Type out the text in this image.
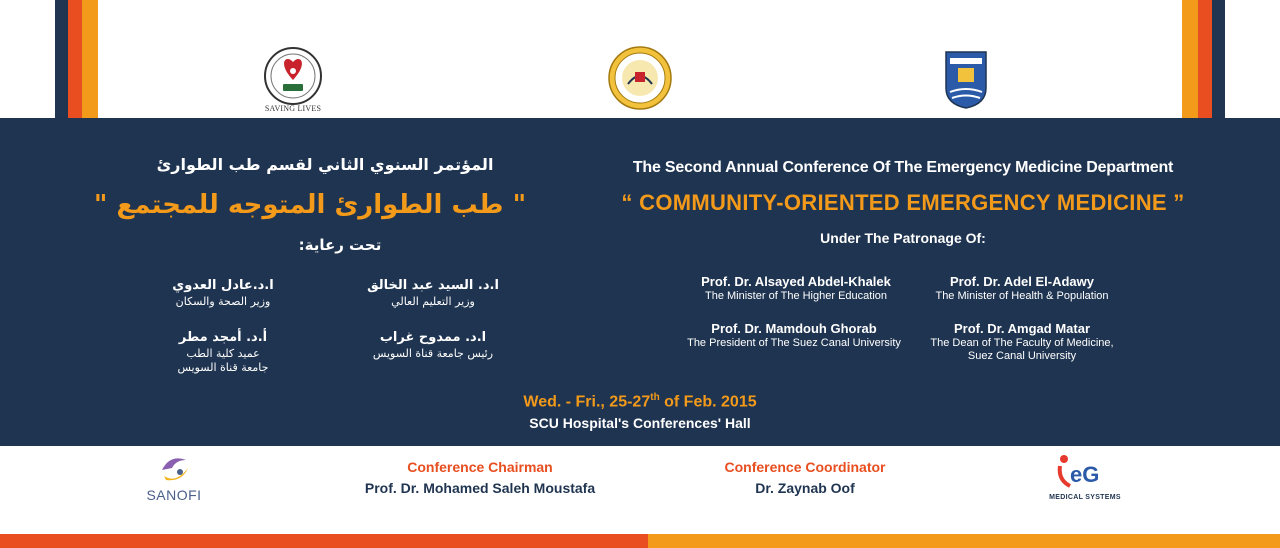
SAVING LIVES
المؤتمر السنوي الثاني لقسم طب الطوارئ
" طب الطوارئ المتوجه للمجتمع "
تحت رعاية:
ا.د. السيد عبد الخالق
وزير التعليم العالي
ا.د.عادل العدوي
وزير الصحة والسكان
ا.د. ممدوح غراب
رئيس جامعة قناة السويس
أ.د. أمجد مطر
عميد كلية الطب
جامعة قناة السويس
The Second Annual Conference Of The Emergency Medicine Department
“ COMMUNITY-ORIENTED EMERGENCY MEDICINE ”
Under The Patronage Of:
Prof. Dr. Alsayed Abdel-Khalek
The Minister of The Higher Education
Prof. Dr. Adel El-Adawy
The Minister of Health & Population
Prof. Dr. Mamdouh Ghorab
The President of The Suez Canal University
Prof. Dr. Amgad Matar
The Dean of The Faculty of Medicine,
Suez Canal University
Wed. - Fri., 25-27th of Feb. 2015
SCU Hospital's Conferences' Hall
SANOFI
Conference Chairman
Prof. Dr. Mohamed Saleh Moustafa
Conference Coordinator
Dr. Zaynab Oof
eG
MEDICAL SYSTEMS
